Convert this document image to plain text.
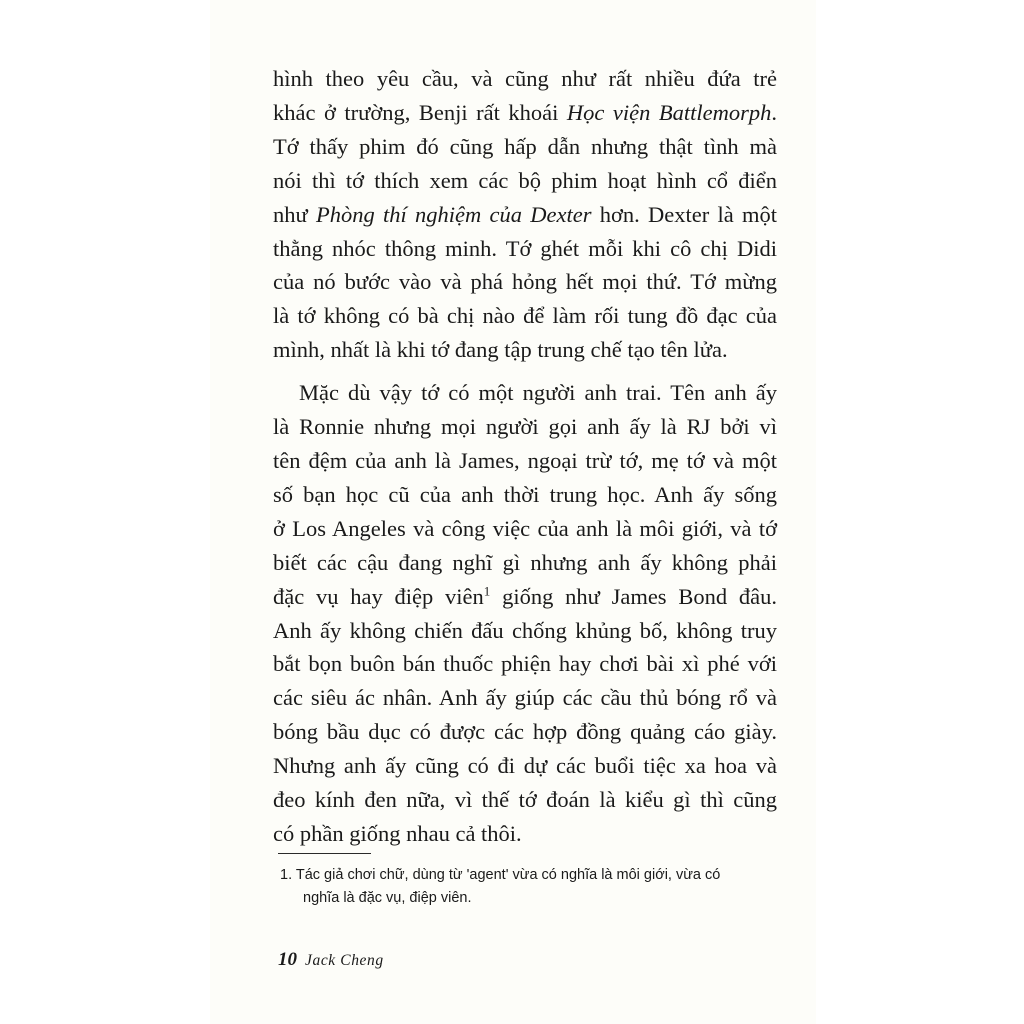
hình theo yêu cầu, và cũng như rất nhiều đứa trẻ
khác ở trường, Benji rất khoái Học viện Battlemorph.
Tớ thấy phim đó cũng hấp dẫn nhưng thật tình mà
nói thì tớ thích xem các bộ phim hoạt hình cổ điển
như Phòng thí nghiệm của Dexter hơn. Dexter là một
thằng nhóc thông minh. Tớ ghét mỗi khi cô chị Didi
của nó bước vào và phá hỏng hết mọi thứ. Tớ mừng
là tớ không có bà chị nào để làm rối tung đồ đạc của
mình, nhất là khi tớ đang tập trung chế tạo tên lửa.
Mặc dù vậy tớ có một người anh trai. Tên anh ấy
là Ronnie nhưng mọi người gọi anh ấy là RJ bởi vì
tên đệm của anh là James, ngoại trừ tớ, mẹ tớ và một
số bạn học cũ của anh thời trung học. Anh ấy sống
ở Los Angeles và công việc của anh là môi giới, và tớ
biết các cậu đang nghĩ gì nhưng anh ấy không phải
đặc vụ hay điệp viên$^1$ giống như James Bond đâu.
Anh ấy không chiến đấu chống khủng bố, không truy
bắt bọn buôn bán thuốc phiện hay chơi bài xì phé với
các siêu ác nhân. Anh ấy giúp các cầu thủ bóng rổ và
bóng bầu dục có được các hợp đồng quảng cáo giày.
Nhưng anh ấy cũng có đi dự các buổi tiệc xa hoa và
đeo kính đen nữa, vì thế tớ đoán là kiểu gì thì cũng
có phần giống nhau cả thôi.
1. Tác giả chơi chữ, dùng từ 'agent' vừa có nghĩa là môi giới, vừa có
nghĩa là đặc vụ, điệp viên.
10 Jack Cheng
